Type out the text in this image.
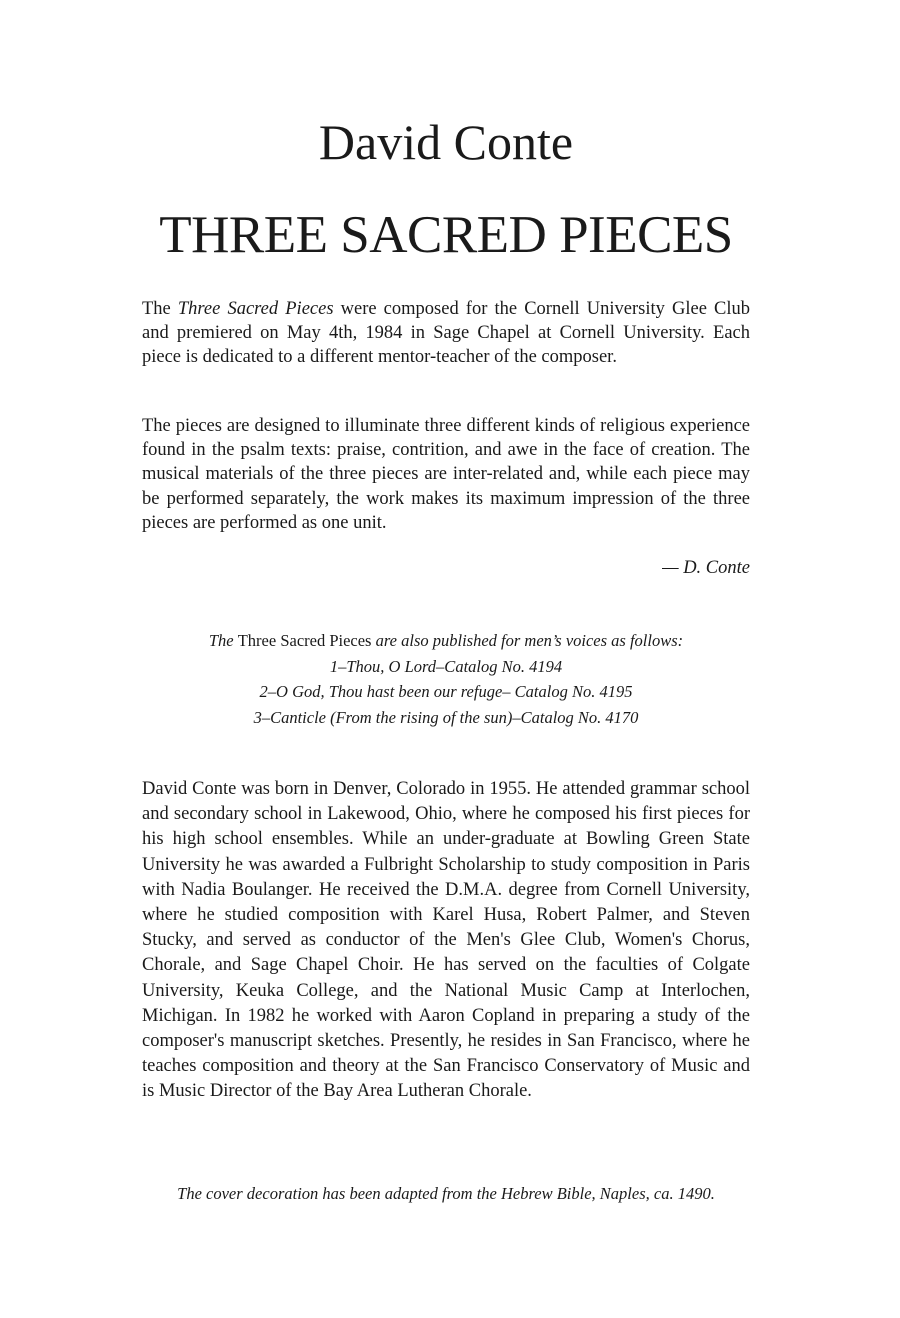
David Conte
THREE SACRED PIECES

The Three Sacred Pieces were composed for the Cornell University Glee Club and premiered on May 4th, 1984 in Sage Chapel at Cornell University. Each piece is dedicated to a different mentor-teacher of the composer.

The pieces are designed to illuminate three different kinds of religious experience found in the psalm texts: praise, contrition, and awe in the face of creation. The musical materials of the three pieces are inter-related and, while each piece may be performed separately, the work makes its maximum impression of the three pieces are performed as one unit.

— D. Conte

The Three Sacred Pieces are also published for men’s voices as follows:
1–Thou, O Lord–Catalog No. 4194
2–O God, Thou hast been our refuge– Catalog No. 4195
3–Canticle (From the rising of the sun)–Catalog No. 4170

David Conte was born in Denver, Colorado in 1955. He attended grammar school and secondary school in Lakewood, Ohio, where he composed his first pieces for his high school ensembles. While an under-graduate at Bowling Green State University he was awarded a Fulbright Scholarship to study composition in Paris with Nadia Boulanger. He received the D.M.A. degree from Cornell University, where he studied composition with Karel Husa, Robert Palmer, and Steven Stucky, and served as conductor of the Men's Glee Club, Women's Chorus, Chorale, and Sage Chapel Choir. He has served on the faculties of Colgate University, Keuka College, and the National Music Camp at Interlochen, Michigan. In 1982 he worked with Aaron Copland in preparing a study of the composer's manuscript sketches. Presently, he resides in San Francisco, where he teaches composition and theory at the San Francisco Conservatory of Music and is Music Director of the Bay Area Lutheran Chorale.

The cover decoration has been adapted from the Hebrew Bible, Naples, ca. 1490.
